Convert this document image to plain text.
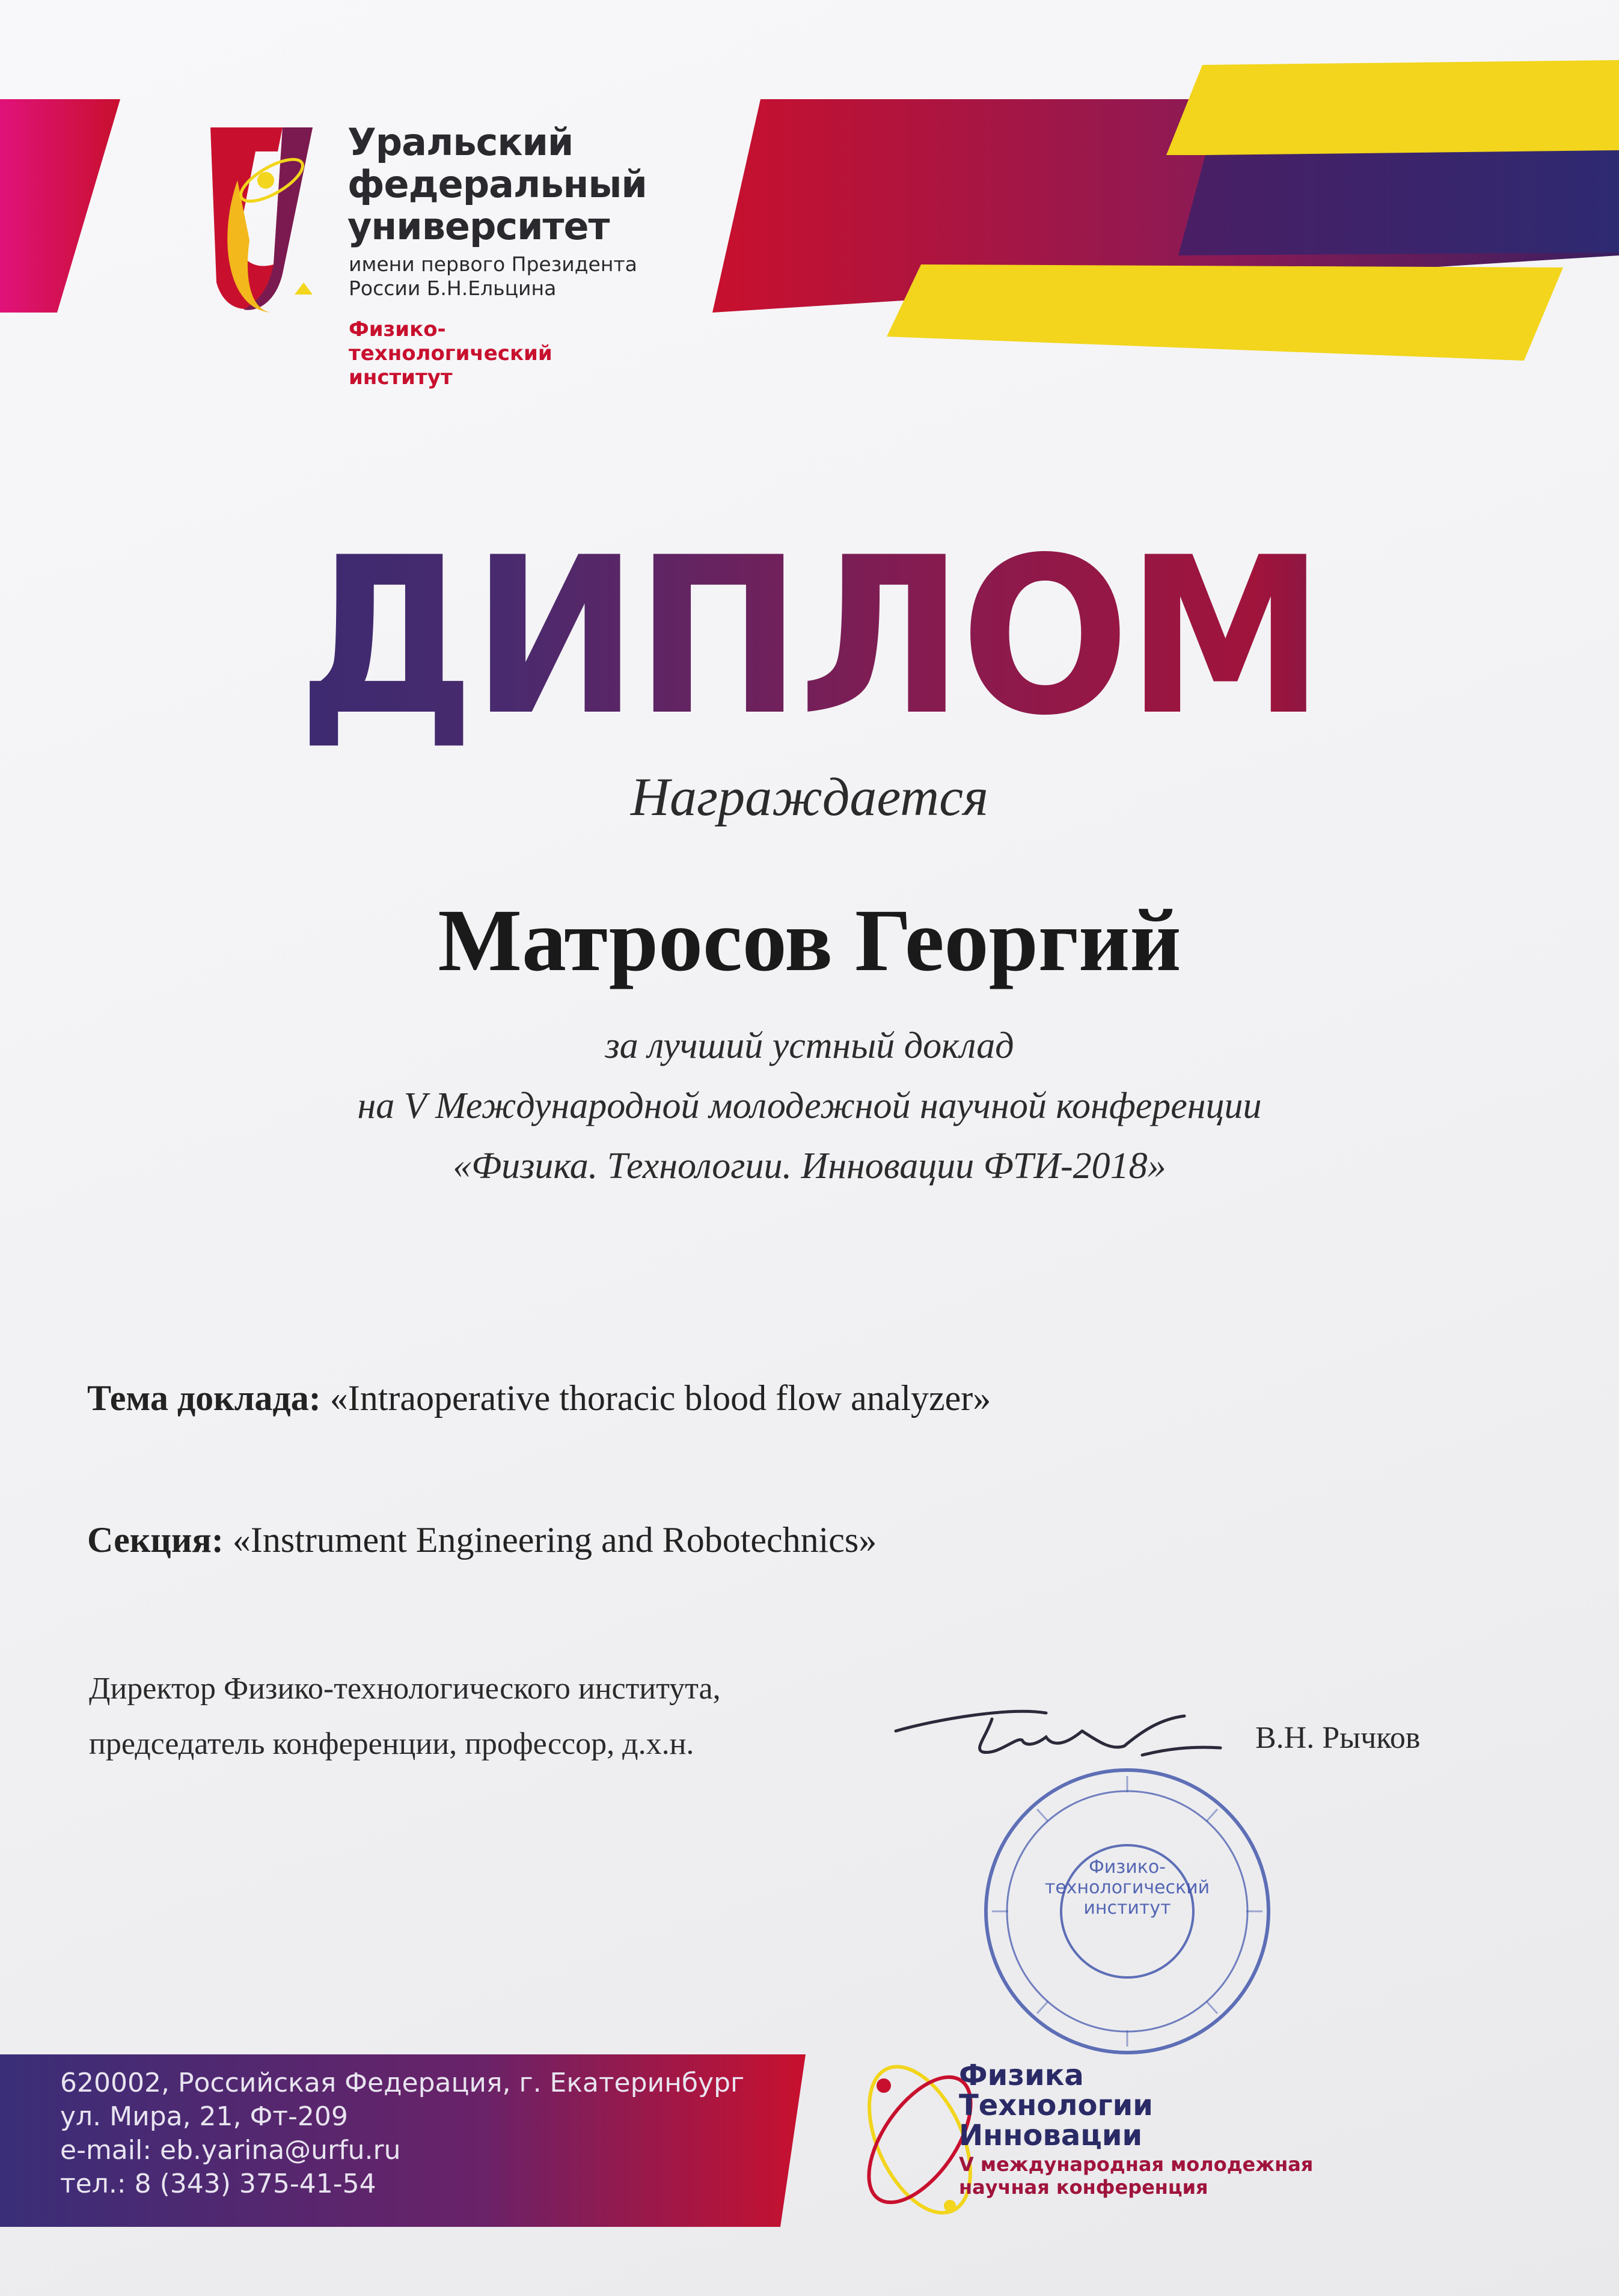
Уральский
федеральный
университет
имени первого Президента
России Б.Н.Ельцина
Физико-
технологический
институт
ДИПЛОМ
Награждается
Матросов Георгий
за лучший устный доклад
на V Международной молодежной научной конференции
«Физика. Технологии. Инновации ФТИ-2018»
Тема доклада: «Intraoperative thoracic blood flow analyzer»
Секция: «Instrument Engineering and Robotechnics»
Директор Физико-технологического института,
председатель конференции, профессор, д.х.н.	В.Н. Рычков
Физико-
технологический
институт
620002, Российская Федерация, г. Екатеринбург
ул. Мира, 21, Фт-209
e-mail: eb.yarina@urfu.ru
тел.: 8 (343) 375-41-54
Физика
Технологии
Инновации
V международная молодежная
научная конференция
